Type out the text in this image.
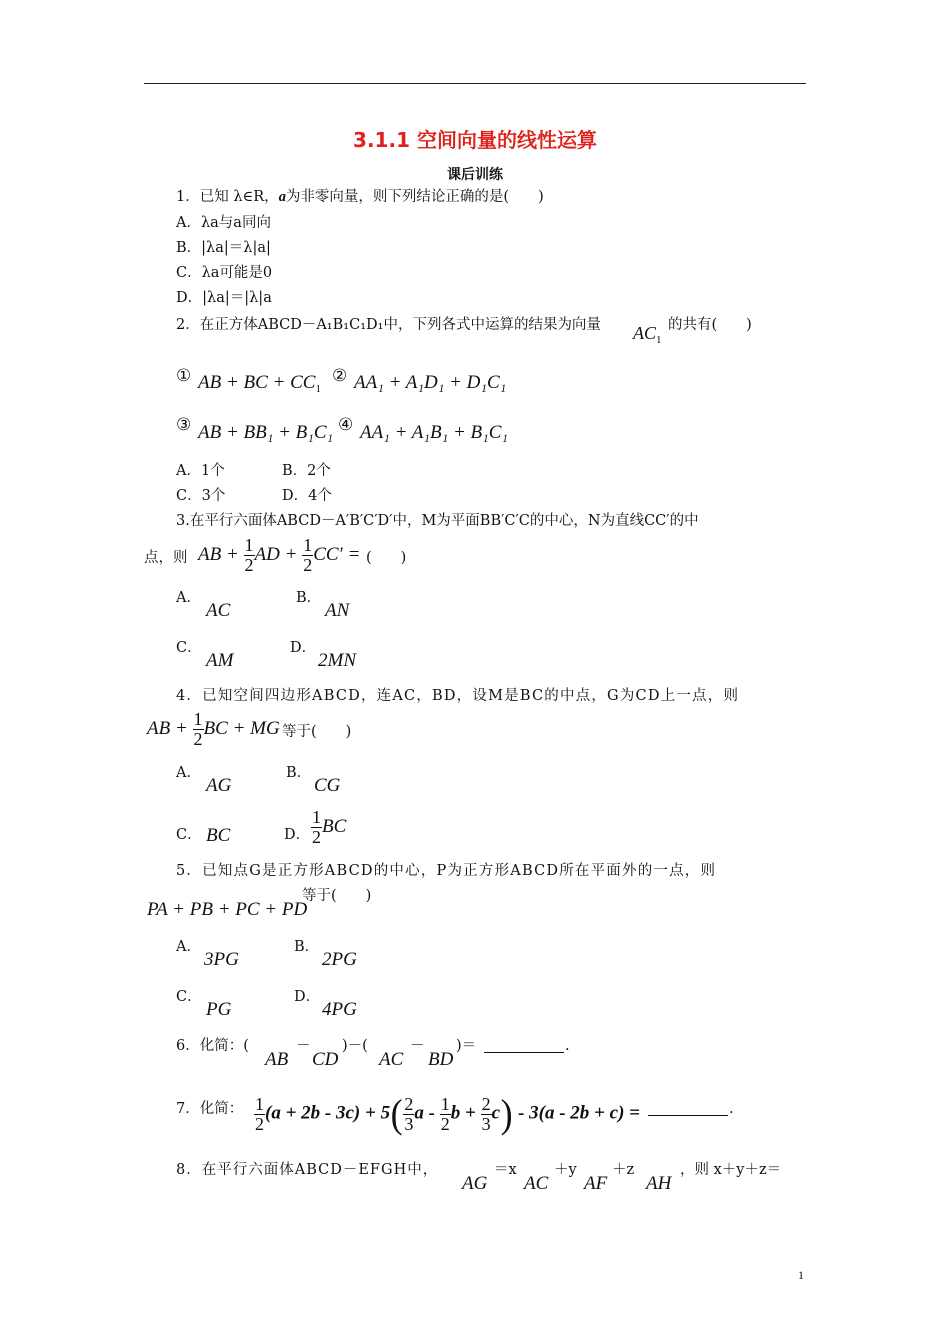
3.1.1 空间向量的线性运算
课后训练
1．已知 λ∈R，a为非零向量，则下列结论正确的是(　　)
A．λa与a同向
B．|λa|＝λ|a|
C．λa可能是0
D．|λa|＝|λ|a
2．在正方体ABCD－A₁B₁C₁D₁中，下列各式中运算的结果为向量 $AC_1$
的共有(　　)
① AB + BC + $CC_1$
② AA₁ + A₁D₁ + D₁C₁
③ AB + BB₁ + B₁C₁ ④ AA₁ + A₁B₁ + B₁C₁
A．1个	B．2个
C．3个	D．4个
3.在平行六面体ABCD－A′B′C′D′中，M为平面BB′C′C的中心，N为直线CC′的中
点，则 AB + $\frac{1}{2}$ AD + $\frac{1}{2} CC'$ = (　　)
A．
AC
B．
AN
C．
AM
D．
2MN
4．已知空间四边形ABCD，连AC，BD，设M是BC的中点，G为CD上一点，则
AB + $\frac{1}{2}$ BC + MG 等于(　　)
A．
AG
B．
CG
C． BC	D． $\frac{1}{2}$ BC
5．已知点G是正方形ABCD的中心，P为正方形ABCD所在平面外的一点，则
PA + PB + PC + PD
等于(　　)
A．
3PG
B．
2PG
C．
PG
D．
4PG
6．化简：(
AB
－
CD
)－(
AC
－
BD
)＝	.
7．化简： $\frac{1}{2} (a + 2b - 3c) + 5( \frac{2}{3}$ a - $\frac{1}{2}$ $b + \frac{2}{3} c) - 3(a - 2b + c)$ =	.
8．在平行六面体ABCD－EFGH中，
AG
＝x
AC
＋y
AF
＋z
AH
，则 x＋y＋z＝
1
